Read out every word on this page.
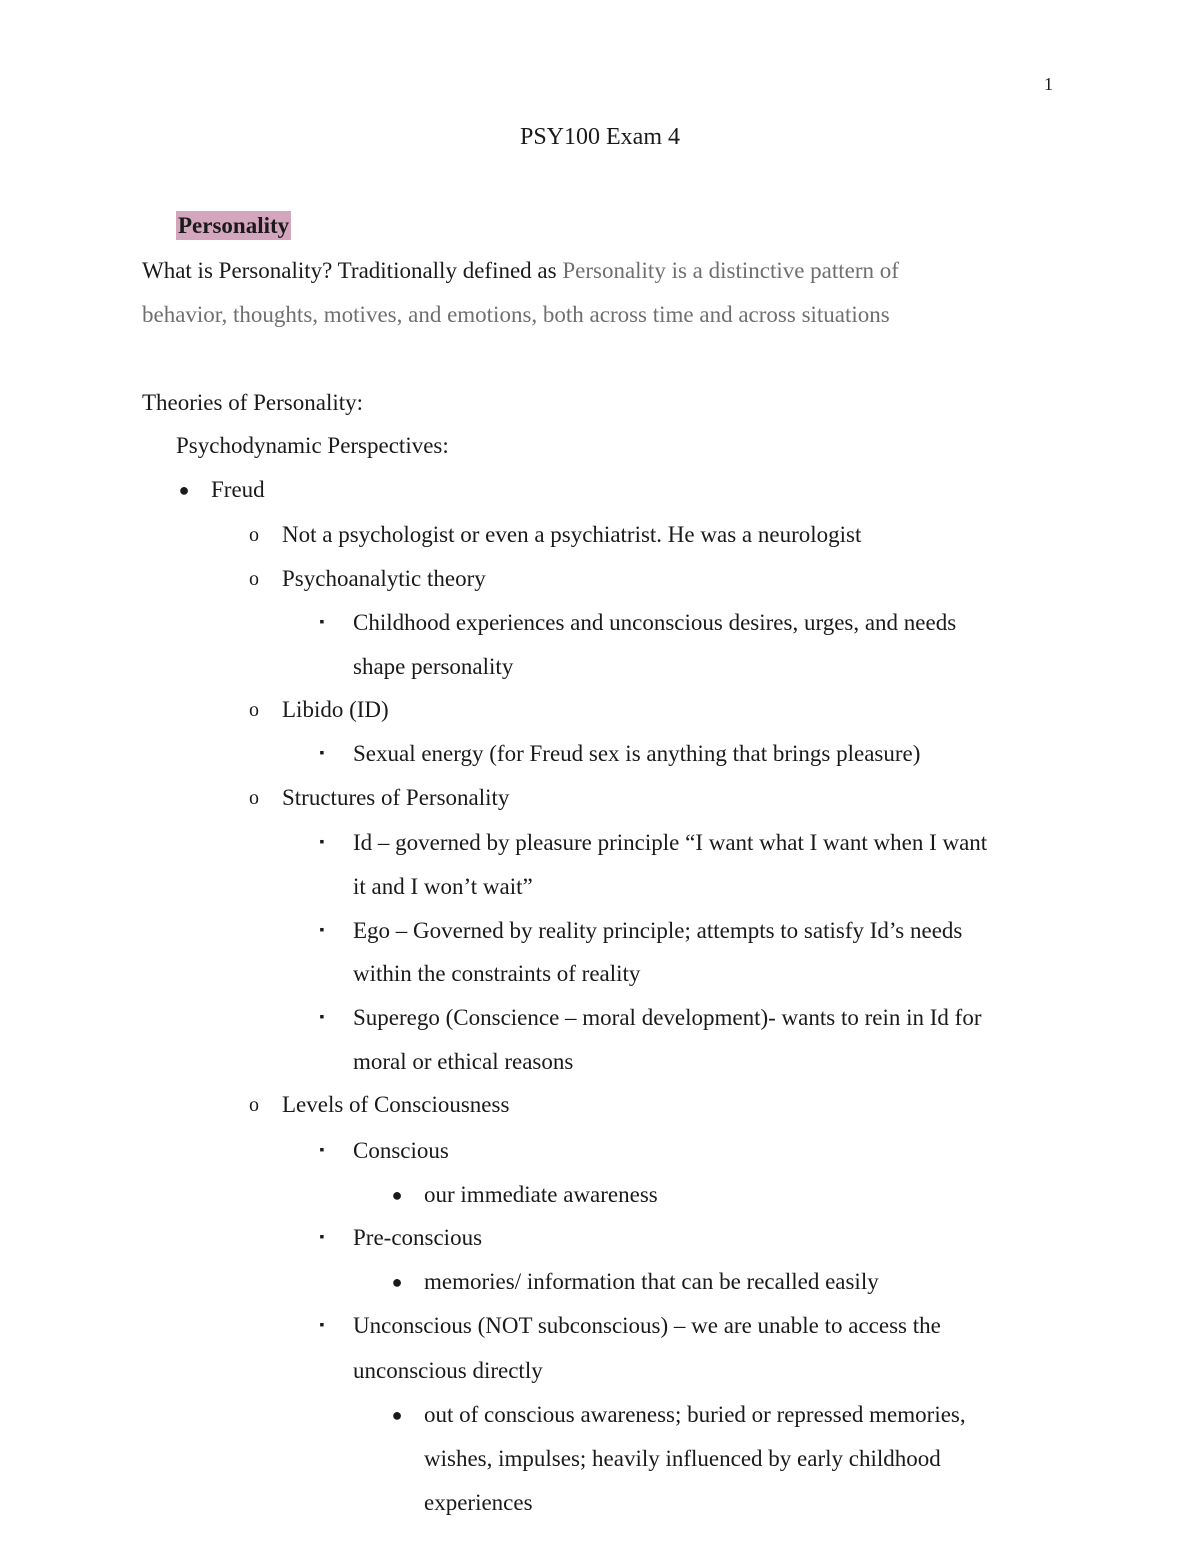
1
PSY100 Exam 4
Personality
What is Personality? Traditionally defined as Personality is a distinctive pattern of
behavior, thoughts, motives, and emotions, both across time and across situations
Theories of Personality:
Psychodynamic Perspectives:
● Freud
o Not a psychologist or even a psychiatrist. He was a neurologist
o Psychoanalytic theory
▪	Childhood experiences and unconscious desires, urges, and needs
shape personality
o Libido (ID)
▪	Sexual energy (for Freud sex is anything that brings pleasure)
o Structures of Personality
▪	Id – governed by pleasure principle “I want what I want when I want
it and I won’t wait”
▪	Ego – Governed by reality principle; attempts to satisfy Id’s needs
within the constraints of reality
▪	Superego (Conscience – moral development)- wants to rein in Id for
moral or ethical reasons
o Levels of Consciousness
▪	Conscious
● our immediate awareness
▪	Pre-conscious
● memories/ information that can be recalled easily
▪	Unconscious (NOT subconscious) – we are unable to access the
unconscious directly
● out of conscious awareness; buried or repressed memories,
wishes, impulses; heavily influenced by early childhood
experiences
